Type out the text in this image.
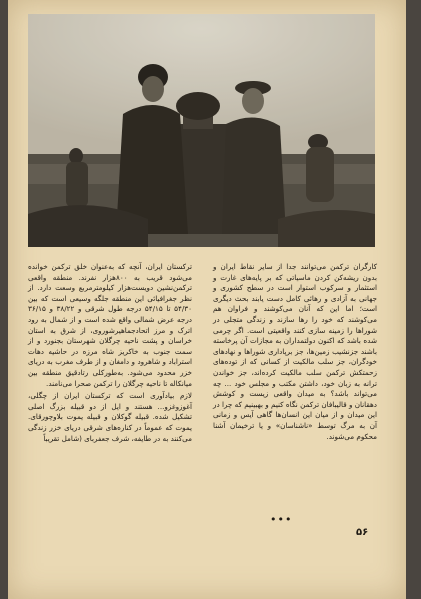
کارگران ترکمن می‌توانند جدا از سایر نقاط ایران و بدون ریشه‌کن کردن ماسیاتی که بر پایه‌های غارت و استثمار و سرکوب استوار است در سطح کشوری و جهانی به آزادی و رهائی کامل دست یابند بحث دیگری است؛ اما این که آنان می‌کوشند و فراوان هم می‌کوشند که خود را رها سازند و زندگی متجلی در شوراها را زمینه سازی کنند واقعیتی است. اگر چرمی شده باشد که اکنون دولتمداران به مجازات آن پرخاسته باشند جزنشیب زمین‌ها، جز برپاداری شوراها و نهادهای خودگران، جز سلب مالکیت از کسانی که از توده‌های زحمتکش ترکمن سلب مالکیت کرده‌اند، جز خواندن ترانه به زبان خود، داشتن مکتب و مجلس خود ... چه می‌تواند باشد؟ به میدان واقعی زیست و کوشش دهقانان و قالیبافان ترکمن نگاه کنیم و بهبینیم که چرا در این میدان و از میان این انسان‌ها گاهی آیس و زمانی آن به مرگ توسط «ناشناسان» و یا ترخیمان آشنا محکوم می‌شوند.

ترکستان ایران، آنچه که به‌عنوان خلق ترکمن خوانده می‌شود قریب به ۸۰۰هزار نفرند. منطقه واقعی ترکمن‌نشین دویست‌هزار کیلومترمربع وسعت دارد. از نظر جغرافیائی این منطقه جلگه وسیعی است که بین ۵۴/۳۰ تا ۵۴/۱۵ درجه طول شرقی و ۳۸/۲۲ و ۳۶/۱۵ درجه عرض شمالی واقع شده است و از شمال به رود اترک و مرز اتحادجماهیرشوروی، از شرق به استان خراسان و پشت ناحیه چرگلان شهرستان بجنورد و از سمت جنوب به خاکریز شاه مرزه در حاشیه دهات استراباد و شاهرود و دامغان و از طرف مغرب به دریای خزر محدود می‌شود. به‌طورکلی رتادقیق منطقه بین میانکاله تا ناحیه چرگلان را ترکمن صحرا می‌نامند.

لازم بیادآوری است که ترکستان ایران از چگلی، آغوزوغزو... هستند و ایل از دو قبیله بزرگ اصلی تشکیل شده. قبیله گوکلان و قبیله یموت بلاوچورقای. یموت که عموماً در کناره‌های شرقی دریای خزر زندگی می‌کنند به در طایفه، شرف جعفربای (شامل تقریباً

•••
۵۶
